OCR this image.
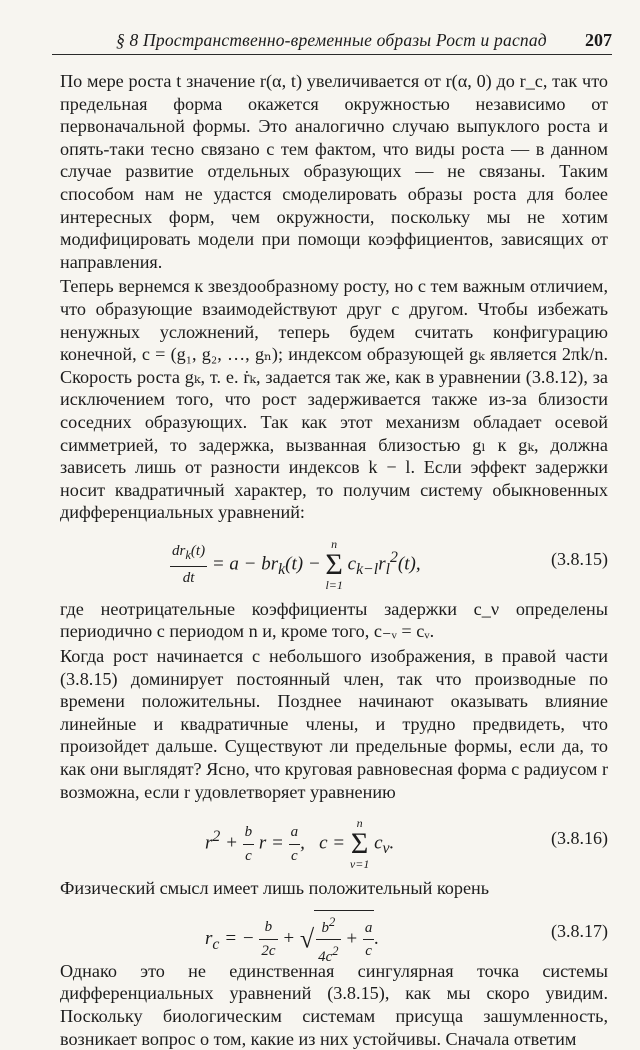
§ 8 Пространственно-временные образы Рост и распад 207

По мере роста t значение r(α, t) увеличивается от r(α, 0) до r_c, так что предельная форма окажется окружностью независимо от первоначальной формы. Это аналогично случаю выпуклого роста и опять-таки тесно связано с тем фактом, что виды роста — в данном случае развитие отдельных образующих — не связаны. Таким способом нам не удастся смоделировать образы роста для более интересных форм, чем окружности, поскольку мы не хотим модифицировать модели при помощи коэффициентов, зависящих от направления.

Теперь вернемся к звездообразному росту, но с тем важным отличием, что образующие взаимодействуют друг с другом. Чтобы избежать ненужных усложнений, теперь будем считать конфигурацию конечной, c = (g₁, g₂, …, gₙ); индексом образующей gₖ является 2πk/n. Скорость роста gₖ, т. е. ṙₖ, задается так же, как в уравнении (3.8.12), за исключением того, что рост задерживается также из-за близости соседних образующих. Так как этот механизм обладает осевой симметрией, то задержка, вызванная близостью gₗ к gₖ, должна зависеть лишь от разности индексов k − l. Если эффект задержки носит квадратичный характер, то получим систему обыкновенных дифференциальных уравнений:

$\frac{dr_k(t)}{dt} = a - br_k(t) - n$
Σ
l=1 $c_{k-l}r_l^2(t)$,	(3.8.15)

где неотрицательные коэффициенты задержки c_ν определены периодично с периодом n и, кроме того, c₋ᵥ = cᵥ.

Когда рост начинается с небольшого изображения, в правой части (3.8.15) доминирует постоянный член, так что производные по времени положительны. Позднее начинают оказывать влияние линейные и квадратичные члены, и трудно предвидеть, что произойдет дальше. Существуют ли предельные формы, если да, то как они выглядят? Ясно, что круговая равновесная форма с радиусом r возможна, если r удовлетворяет уравнению

$r^2 + \frac{b}{c}$ $r = \frac{a}{c}$ ,   c = n
Σ
ν=1 $c_\nu$.	(3.8.16)

Физический смысл имеет лишь положительный корень

$r_c$ = − $\frac{b}{2c}$ + √ $\frac{b^2}{4c^2} + \frac{a}{c}$ .	(3.8.17)

Однако это не единственная сингулярная точка системы дифференциальных уравнений (3.8.15), как мы скоро увидим. Поскольку биологическим системам присуща зашумленность, возникает вопрос о том, какие из них устойчивы. Сначала ответим
